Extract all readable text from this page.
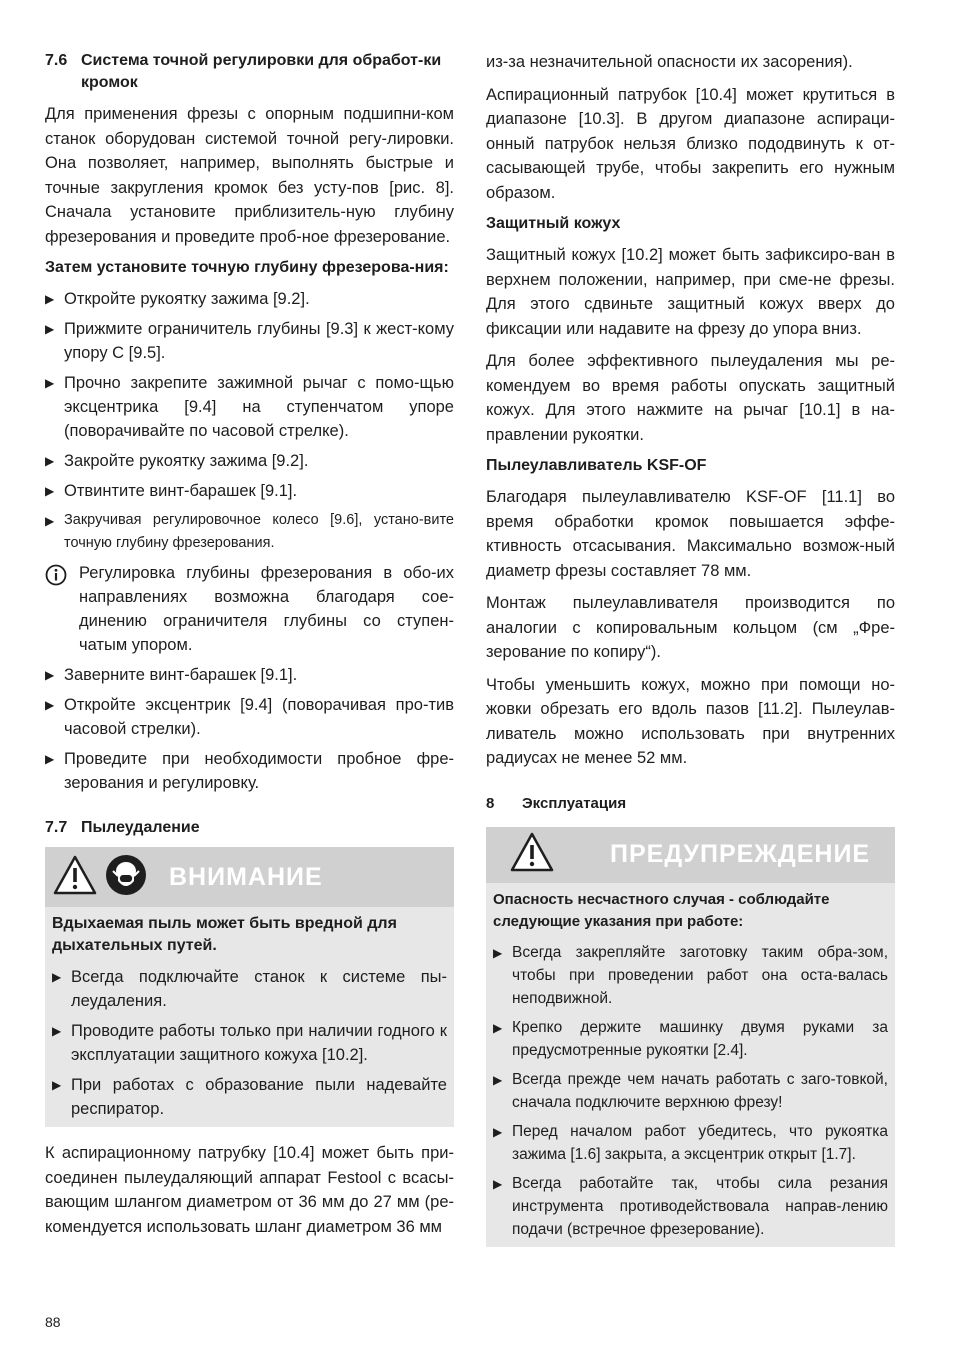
7.6 Система точной регулировки для обработ-ки кромок

Для применения фрезы с опорным подшипни-ком станок оборудован системой точной регу-лировки. Она позволяет, например, выполнять быстрые и точные закругления кромок без усту-пов [рис. 8]. Сначала установите приблизитель-ную глубину фрезерования и проведите проб-ное фрезерование.

Затем установите точную глубину фрезерова-ния:
▶ Откройте рукоятку зажима [9.2].
▶ Прижмите ограничитель глубины [9.3] к жест-кому упору C [9.5].
▶ Прочно закрепите зажимной рычаг с помо-щью эксцентрика [9.4] на ступенчатом упоре (поворачивайте по часовой стрелке).
▶ Закройте рукоятку зажима [9.2].
▶ Отвинтите винт-барашек [9.1].
▶ Закручивая регулировочное колесо [9.6], устано-вите точную глубину фрезерования.
Регулировка глубины фрезерования в обо-их направлениях возможна благодаря сое-динению ограничителя глубины со ступен-чатым упором.
▶ Заверните винт-барашек [9.1].
▶ Откройте эксцентрик [9.4] (поворачивая про-тив часовой стрелки).
▶ Проведите при необходимости пробное фре-зерования и регулировку.
7.7 Пылеудаление
ВНИМАНИЕ
Вдыхаемая пыль может быть вредной для дыхательных путей.
▶ Всегда подключайте станок к системе пы-леудаления.
▶ Проводите работы только при наличии годного к эксплуатации защитного кожуха [10.2].
▶ При работах с образование пыли надевайте респиратор.

К аспирационному патрубку [10.4] может быть при-соединен пылеудаляющий аппарат Festool с всасы-вающим шлангом диаметром от 36 мм до 27 мм (ре-комендуется использовать шланг диаметром 36 мм

из-за незначительной опасности их засорения).

Аспирационный патрубок [10.4] может крутиться в диапазоне [10.3]. В другом диапазоне аспираци-онный патрубок нельзя близко пододвинуть к от-сасывающей трубе, чтобы закрепить его нужным образом.

Защитный кожух

Защитный кожух [10.2] может быть зафиксиро-ван в верхнем положении, например, при сме-не фрезы. Для этого сдвиньте защитный кожух вверх до фиксации или надавите на фрезу до упора вниз.

Для более эффективного пылеудаления мы ре-комендуем во время работы опускать защитный кожух. Для этого нажмите на рычаг [10.1] в на-правлении рукоятки.

Пылеулавливатель KSF-OF

Благодаря пылеулавливателю KSF-OF [11.1] во время обработки кромок повышается эффе-ктивность отсасывания. Максимально возмож-ный диаметр фрезы составляет 78 мм.

Монтаж пылеулавливателя производится по аналогии с копировальным кольцом (см „Фре-зерование по копиру“).

Чтобы уменьшить кожух, можно при помощи но-жовки обрезать его вдоль пазов [11.2]. Пылеулав-ливатель можно использовать при внутренних радиусах не менее 52 мм.

8	Эксплуатация
ПРЕДУПРЕЖДЕНИЕ
Опасность несчастного случая - соблюдайте следующие указания при работе:
▶ Всегда закрепляйте заготовку таким обра-зом, чтобы при проведении работ она оста-валась неподвижной.
▶ Крепко держите машинку двумя руками за предусмотренные рукоятки [2.4].
▶ Всегда прежде чем начать работать с заго-товкой, сначала подключите верхнюю фрезу!
▶ Перед началом работ убедитесь, что рукоятка зажима [1.6] закрыта, а эксцентрик открыт [1.7].
▶ Всегда работайте так, чтобы сила резания инструмента противодействовала направ-лению подачи (встречное фрезерование).
88
